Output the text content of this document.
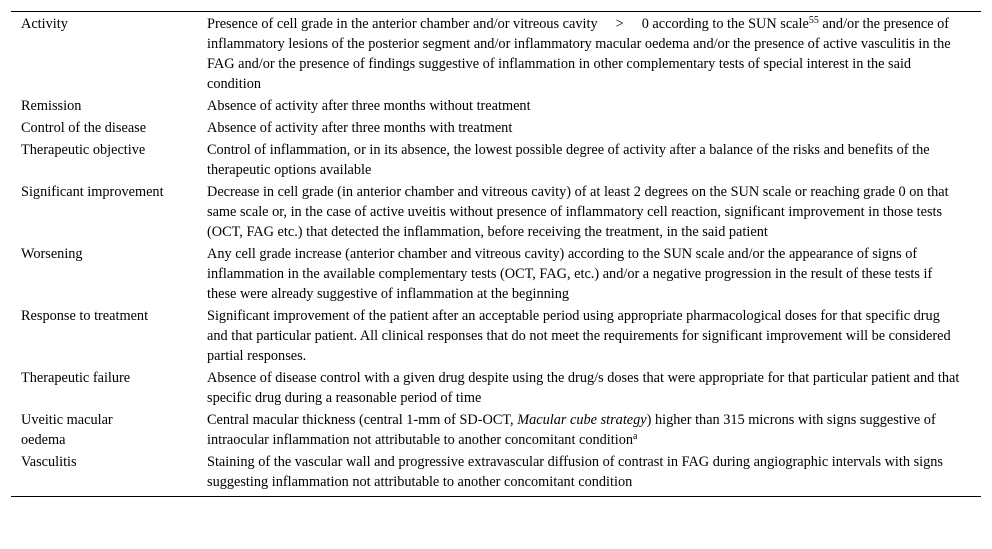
Activity	Presence of cell grade in the anterior chamber and/or vitreous cavity > 0 according to the SUN scale$^{55}$ and/or the presence of inflammatory lesions of the posterior segment and/or inflammatory macular oedema and/or the presence of active vasculitis in the FAG and/or the presence of findings suggestive of inflammation in other complementary tests of special interest in the said condition
Remission	Absence of activity after three months without treatment
Control of the disease	Absence of activity after three months with treatment
Therapeutic objective	Control of inflammation, or in its absence, the lowest possible degree of activity after a balance of the risks and benefits of the therapeutic options available
Significant improvement	Decrease in cell grade (in anterior chamber and vitreous cavity) of at least 2 degrees on the SUN scale or reaching grade 0 on that same scale or, in the case of active uveitis without presence of inflammatory cell reaction, significant improvement in those tests (OCT, FAG etc.) that detected the inflammation, before receiving the treatment, in the said patient
Worsening	Any cell grade increase (anterior chamber and vitreous cavity) according to the SUN scale and/or the appearance of signs of inflammation in the available complementary tests (OCT, FAG, etc.) and/or a negative progression in the result of these tests if these were already suggestive of inflammation at the beginning
Response to treatment	Significant improvement of the patient after an acceptable period using appropriate pharmacological doses for that specific drug and that particular patient. All clinical responses that do not meet the requirements for significant improvement will be considered partial responses.
Therapeutic failure	Absence of disease control with a given drug despite using the drug/s doses that were appropriate for that particular patient and that specific drug during a reasonable period of time
Uveitic macular oedema	Central macular thickness (central 1-mm of SD-OCT, Macular cube strategy) higher than 315 microns with signs suggestive of intraocular inflammation not attributable to another concomitant condition$^a$
Vasculitis	Staining of the vascular wall and progressive extravascular diffusion of contrast in FAG during angiographic intervals with signs suggesting inflammation not attributable to another concomitant condition
